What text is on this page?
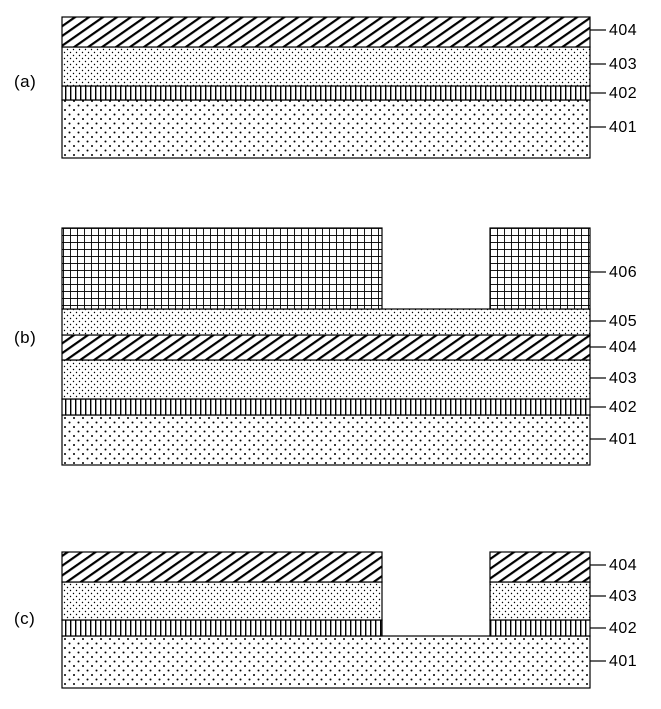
(a)
404
403
402
401
(b)
406
405
404
403
402
401
(c)
404
403
402
401
